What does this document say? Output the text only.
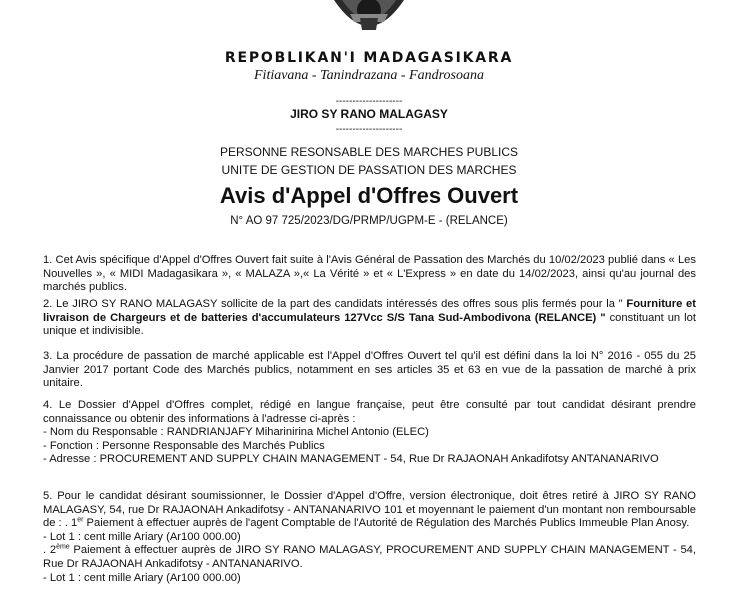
REPOBLIKAN'I MADAGASIKARA
Fitiavana - Tanindrazana - Fandrosoana
--------------------
JIRO SY RANO MALAGASY
--------------------
PERSONNE RESONSABLE DES MARCHES PUBLICS
UNITE DE GESTION DE PASSATION DES MARCHES
Avis d'Appel d'Offres Ouvert
N° AO 97 725/2023/DG/PRMP/UGPM-E - (RELANCE)

1. Cet Avis spécifique d'Appel d'Offres Ouvert fait suite à l'Avis Général de Passation des Marchés du 10/02/2023 publié dans « Les Nouvelles », « MIDI Madagasikara », « MALAZA »,« La Vérité » et « L'Express » en date du 14/02/2023, ainsi qu'au journal des marchés publics.

2. Le JIRO SY RANO MALAGASY sollicite de la part des candidats intéressés des offres sous plis fermés pour la " Fourniture et livraison de Chargeurs et de batteries d'accumulateurs 127Vcc S/S Tana Sud-Ambodivona (RELANCE) " constituant un lot unique et indivisible.

3. La procédure de passation de marché applicable est l'Appel d'Offres Ouvert tel qu'il est défini dans la loi N° 2016 - 055 du 25 Janvier 2017 portant Code des Marchés publics, notamment en ses articles 35 et 63 en vue de la passation de marché à prix unitaire.

4. Le Dossier d'Appel d'Offres complet, rédigé en langue française, peut être consulté par tout candidat désirant prendre connaissance ou obtenir des informations à l'adresse ci-après :

- Nom du Responsable : RANDRIANJAFY Miharinirina Michel Antonio (ELEC)

- Fonction : Personne Responsable des Marchés Publics

- Adresse : PROCUREMENT AND SUPPLY CHAIN MANAGEMENT - 54, Rue Dr RAJAONAH Ankadifotsy ANTANANARIVO

5. Pour le candidat désirant soumissionner, le Dossier d'Appel d'Offre, version électronique, doit êtres retiré à JIRO SY RANO MALAGASY, 54, rue Dr RAJAONAH Ankadifotsy - ANTANANARIVO 101 et moyennant le paiement d'un montant non remboursable de : . 1er Paiement à effectuer auprès de l'agent Comptable de l'Autorité de Régulation des Marchés Publics Immeuble Plan Anosy.

- Lot 1 : cent mille Ariary (Ar100 000.00)

. 2ème Paiement à effectuer auprès de JIRO SY RANO MALAGASY, PROCUREMENT AND SUPPLY CHAIN MANAGEMENT - 54, Rue Dr RAJAONAH Ankadifotsy - ANTANANARIVO.

- Lot 1 : cent mille Ariary (Ar100 000.00)
